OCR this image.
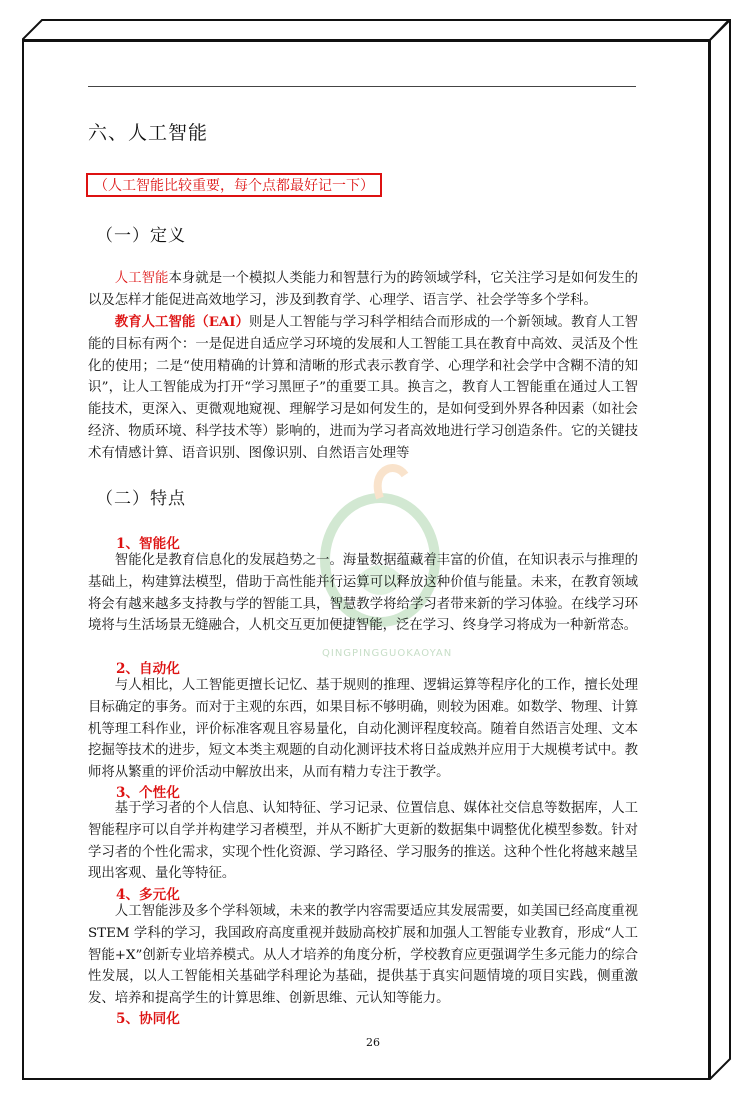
QINGPINGGUOKAOYAN
六、人工智能
（人工智能比较重要，每个点都最好记一下）
（一）定义

人工智能本身就是一个模拟人类能力和智慧行为的跨领域学科，它关注学习是如何发生的以及怎样才能促进高效地学习，涉及到教育学、心理学、语言学、社会学等多个学科。

教育人工智能（EAI）则是人工智能与学习科学相结合而形成的一个新领域。教育人工智能的目标有两个：一是促进自适应学习环境的发展和人工智能工具在教育中高效、灵活及个性化的使用；二是“使用精确的计算和清晰的形式表示教育学、心理学和社会学中含糊不清的知识”，让人工智能成为打开“学习黑匣子”的重要工具。换言之，教育人工智能重在通过人工智能技术，更深入、更微观地窥视、理解学习是如何发生的，是如何受到外界各种因素（如社会经济、物质环境、科学技术等）影响的，进而为学习者高效地进行学习创造条件。它的关键技术有情感计算、语音识别、图像识别、自然语言处理等

（二）特点

1、智能化

智能化是教育信息化的发展趋势之一。海量数据蕴藏着丰富的价值，在知识表示与推理的基础上，构建算法模型，借助于高性能并行运算可以释放这种价值与能量。未来，在教育领域将会有越来越多支持教与学的智能工具，智慧教学将给学习者带来新的学习体验。在线学习环境将与生活场景无缝融合，人机交互更加便捷智能，泛在学习、终身学习将成为一种新常态。

2、自动化

与人相比，人工智能更擅长记忆、基于规则的推理、逻辑运算等程序化的工作，擅长处理目标确定的事务。而对于主观的东西，如果目标不够明确，则较为困难。如数学、物理、计算机等理工科作业，评价标准客观且容易量化，自动化测评程度较高。随着自然语言处理、文本挖掘等技术的进步，短文本类主观题的自动化测评技术将日益成熟并应用于大规模考试中。教师将从繁重的评价活动中解放出来，从而有精力专注于教学。

3、个性化

基于学习者的个人信息、认知特征、学习记录、位置信息、媒体社交信息等数据库，人工智能程序可以自学并构建学习者模型，并从不断扩大更新的数据集中调整优化模型参数。针对学习者的个性化需求，实现个性化资源、学习路径、学习服务的推送。这种个性化将越来越呈现出客观、量化等特征。

4、多元化

人工智能涉及多个学科领域，未来的教学内容需要适应其发展需要，如美国已经高度重视 STEM 学科的学习，我国政府高度重视并鼓励高校扩展和加强人工智能专业教育，形成“人工智能+X”创新专业培养模式。从人才培养的角度分析，学校教育应更强调学生多元能力的综合性发展，以人工智能相关基础学科理论为基础，提供基于真实问题情境的项目实践，侧重激发、培养和提高学生的计算思维、创新思维、元认知等能力。

5、协同化

26
